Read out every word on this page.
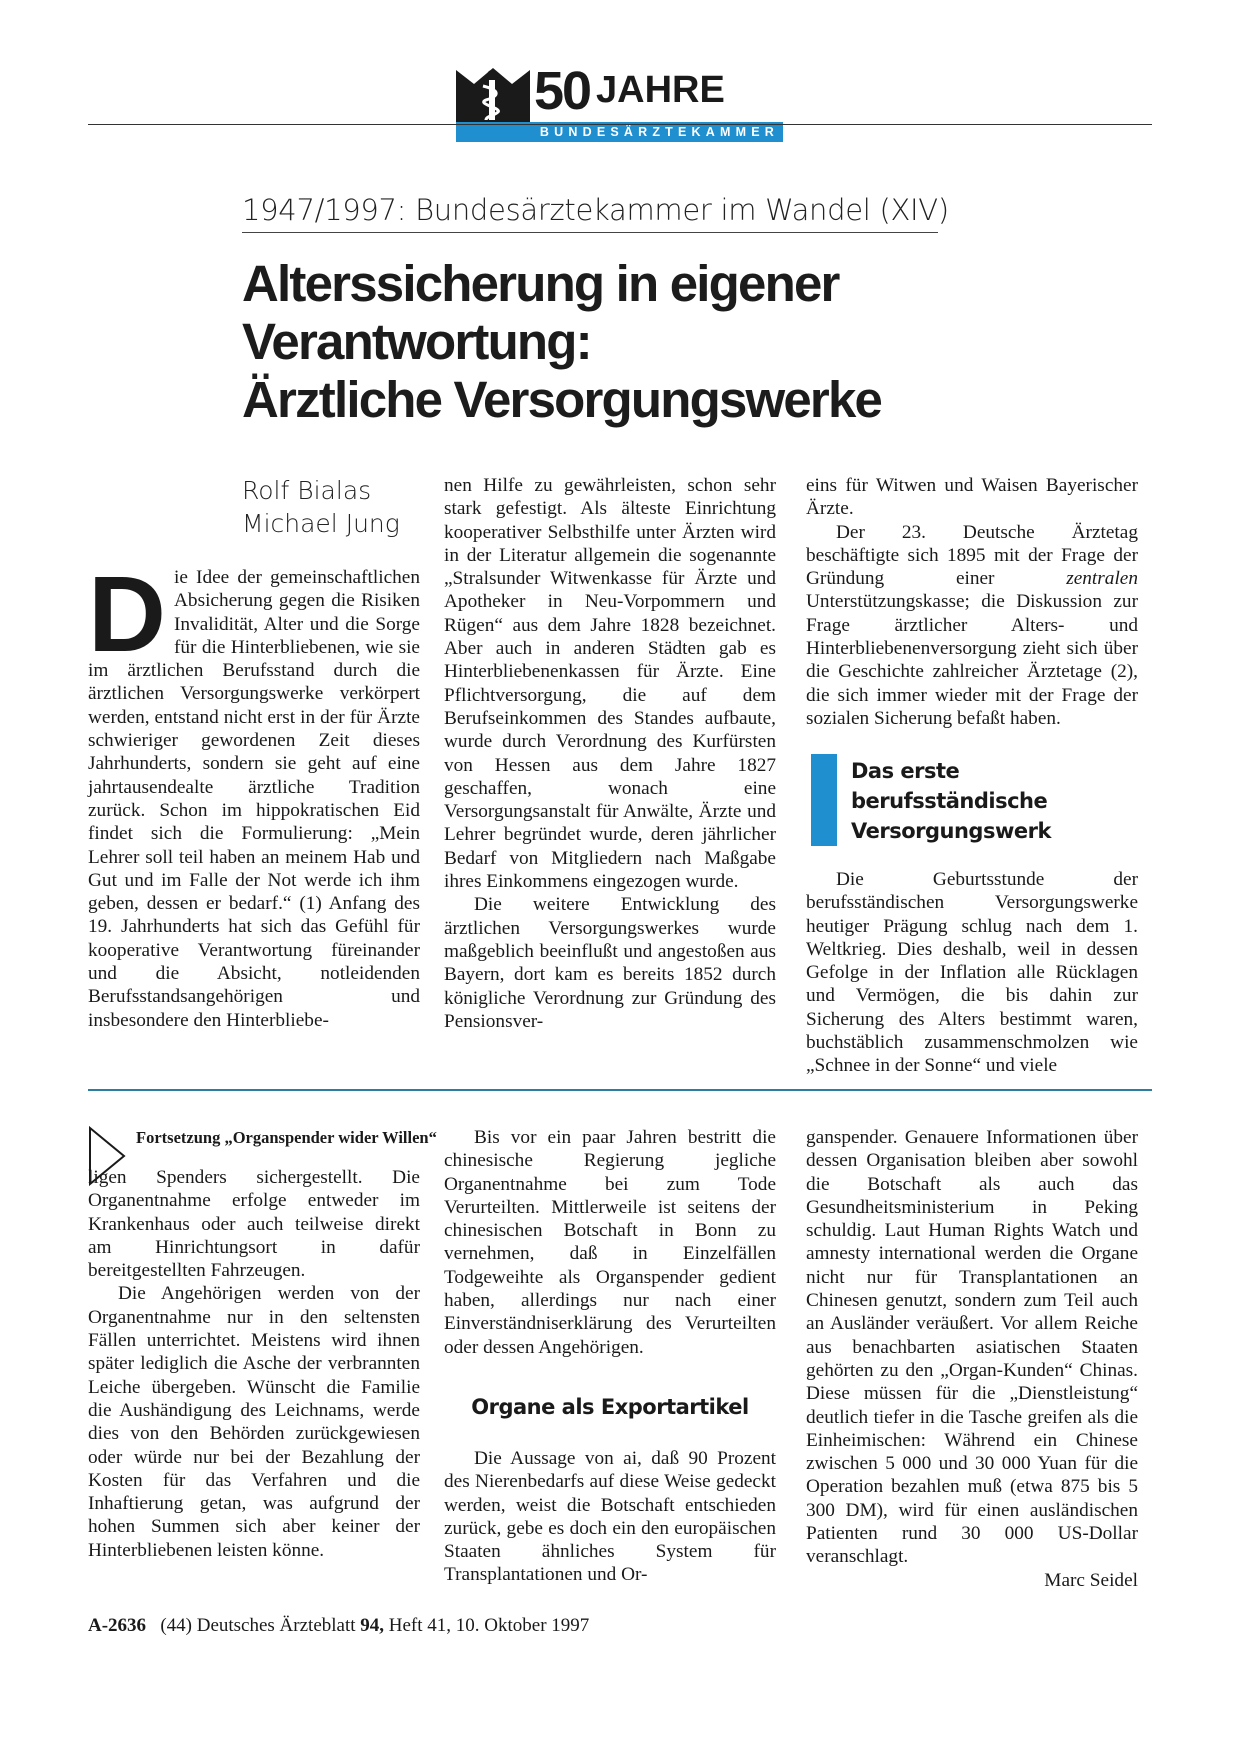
50 JAHRE
BUNDESÄRZTEKAMMER
1947/1997: Bundesärztekammer im Wandel (XIV)
Alterssicherung in eigener
Verantwortung:
Ärztliche Versorgungswerke
Rolf Bialas
Michael Jung

D ie Idee der gemeinschaftlichen Absicherung gegen die Risiken Invalidität, Alter und die Sorge für die Hinterbliebenen, wie sie im ärztlichen Berufsstand durch die ärztlichen Versorgungswerke verkörpert werden, entstand nicht erst in der für Ärzte schwieriger gewordenen Zeit dieses Jahrhunderts, sondern sie geht auf eine jahrtausendealte ärztliche Tradition zurück. Schon im hippokratischen Eid findet sich die Formulierung: „Mein Lehrer soll teil haben an meinem Hab und Gut und im Falle der Not werde ich ihm geben, dessen er bedarf.“ (1) Anfang des 19. Jahrhunderts hat sich das Gefühl für kooperative Verantwortung füreinander und die Absicht, notleidenden Berufsstandsangehörigen und insbesondere den Hinterbliebe-

nen Hilfe zu gewährleisten, schon sehr stark gefestigt. Als älteste Einrichtung kooperativer Selbsthilfe unter Ärzten wird in der Literatur allgemein die sogenannte „Stralsunder Witwenkasse für Ärzte und Apotheker in Neu-Vorpommern und Rügen“ aus dem Jahre 1828 bezeichnet. Aber auch in anderen Städten gab es Hinterbliebenenkassen für Ärzte. Eine Pflichtversorgung, die auf dem Berufseinkommen des Standes aufbaute, wurde durch Verordnung des Kurfürsten von Hessen aus dem Jahre 1827 geschaffen, wonach eine Versorgungsanstalt für Anwälte, Ärzte und Lehrer begründet wurde, deren jährlicher Bedarf von Mitgliedern nach Maßgabe ihres Einkommens eingezogen wurde.

Die weitere Entwicklung des ärztlichen Versorgungswerkes wurde maßgeblich beeinflußt und angestoßen aus Bayern, dort kam es bereits 1852 durch königliche Verordnung zur Gründung des Pensionsver-

eins für Witwen und Waisen Bayerischer Ärzte.

Der 23. Deutsche Ärztetag beschäftigte sich 1895 mit der Frage der Gründung einer zentralen Unterstützungskasse; die Diskussion zur Frage ärztlicher Alters- und Hinterbliebenenversorgung zieht sich über die Geschichte zahlreicher Ärztetage (2), die sich immer wieder mit der Frage der sozialen Sicherung befaßt haben.

Das erste berufsständische
Versorgungswerk

Die Geburtsstunde der berufsständischen Versorgungswerke heutiger Prägung schlug nach dem 1. Weltkrieg. Dies deshalb, weil in dessen Gefolge in der Inflation alle Rücklagen und Vermögen, die bis dahin zur Sicherung des Alters bestimmt waren, buchstäblich zusammenschmolzen wie „Schnee in der Sonne“ und viele

Fortsetzung „Organspender wider Willen“

ligen Spenders sichergestellt. Die Organentnahme erfolge entweder im Krankenhaus oder auch teilweise direkt am Hinrichtungsort in dafür bereitgestellten Fahrzeugen.

Die Angehörigen werden von der Organentnahme nur in den seltensten Fällen unterrichtet. Meistens wird ihnen später lediglich die Asche der verbrannten Leiche übergeben. Wünscht die Familie die Aushändigung des Leichnams, werde dies von den Behörden zurückgewiesen oder würde nur bei der Bezahlung der Kosten für das Verfahren und die Inhaftierung getan, was aufgrund der hohen Summen sich aber keiner der Hinterbliebenen leisten könne.

Bis vor ein paar Jahren bestritt die chinesische Regierung jegliche Organentnahme bei zum Tode Verurteilten. Mittlerweile ist seitens der chinesischen Botschaft in Bonn zu vernehmen, daß in Einzelfällen Todgeweihte als Organspender gedient haben, allerdings nur nach einer Einverständniserklärung des Verurteilten oder dessen Angehörigen.

Organe als Exportartikel

Die Aussage von ai, daß 90 Prozent des Nierenbedarfs auf diese Weise gedeckt werden, weist die Botschaft entschieden zurück, gebe es doch ein den europäischen Staaten ähnliches System für Transplantationen und Or-

ganspender. Genauere Informationen über dessen Organisation bleiben aber sowohl die Botschaft als auch das Gesundheitsministerium in Peking schuldig. Laut Human Rights Watch und amnesty international werden die Organe nicht nur für Transplantationen an Chinesen genutzt, sondern zum Teil auch an Ausländer veräußert. Vor allem Reiche aus benachbarten asiatischen Staaten gehörten zu den „Organ-Kunden“ Chinas. Diese müssen für die „Dienstleistung“ deutlich tiefer in die Tasche greifen als die Einheimischen: Während ein Chinese zwischen 5 000 und 30 000 Yuan für die Operation bezahlen muß (etwa 875 bis 5 300 DM), wird für einen ausländischen Patienten rund 30 000 US-Dollar veranschlagt.

Marc Seidel
A-2636 (44) Deutsches Ärzteblatt 94, Heft 41, 10. Oktober 1997
